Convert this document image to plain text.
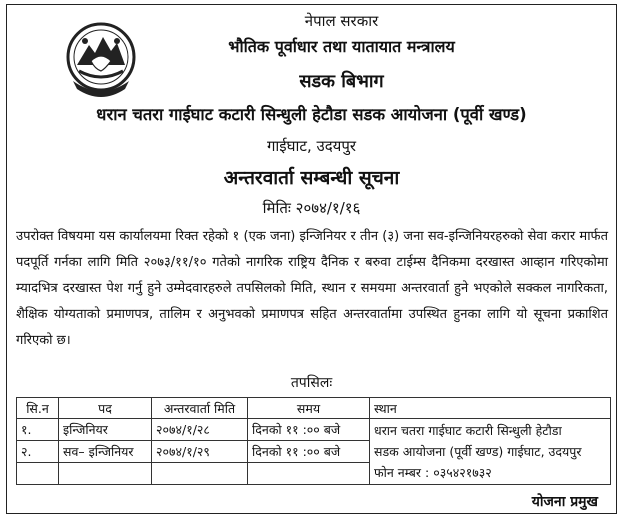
नेपाल सरकार
भौतिक पूर्वाधार तथा यातायात मन्त्रालय
सडक बिभाग
धरान चतरा गाईघाट कटारी सिन्धुली हेटौडा सडक आयोजना (पूर्वी खण्ड)
गाईघाट, उदयपुर
अन्तरवार्ता सम्बन्धी सूचना
मितिः २०७४/१/१६
उपरोक्त विषयमा यस कार्यालयमा रिक्त रहेको १ (एक जना) इन्जिनियर र तीन (३) जना सव-इन्जिनियरहरुको सेवा करार मार्फत पदपूर्ति गर्नका लागि मिति २०७३/११/१० गतेको नागरिक राष्ट्रिय दैनिक र बरुवा टाईम्स दैनिकमा दरखास्त आव्हान गरिएकोमा म्यादभित्र दरखास्त पेश गर्नु हुने उम्मेदवारहरुले तपसिलको मिति, स्थान र समयमा अन्तरवार्ता हुने भएकोले सक्कल नागरिकता, शैक्षिक योग्यताको प्रमाणपत्र, तालिम र अनुभवको प्रमाणपत्र सहित अन्तरवार्तामा उपस्थित हुनका लागि यो सूचना प्रकाशित गरिएको छ।
तपसिलः
सि.न	पद	अन्तरवार्ता मिति	समय	स्थान
१.	इन्जिनियर	२०७४/१/२८	दिनको ११ :०० बजे	धरान चतरा गाईघाट कटारी सिन्धुली हेटौडा
सडक आयोजना (पूर्वी खण्ड) गाईघाट, उदयपुर
फोन नम्बर : ०३५४२१७३२

२.	सव– इन्जिनियर	२०७४/१/२९	दिनको ११ :०० बजे	

योजना प्रमुख
